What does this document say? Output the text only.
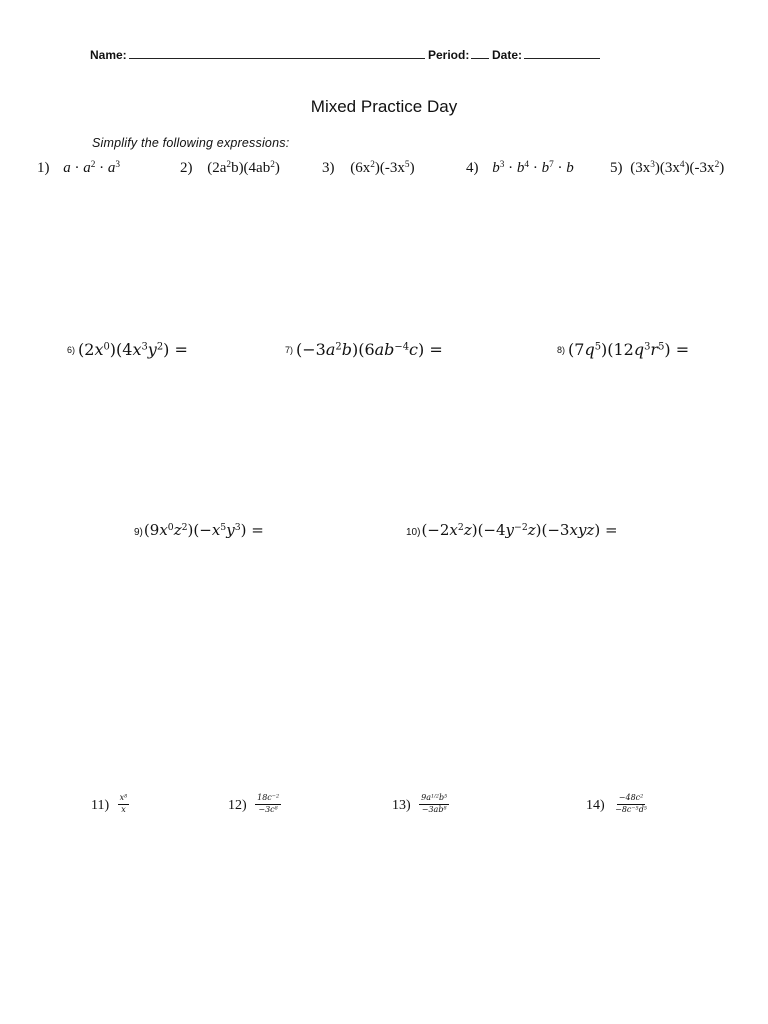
Name:	Period:	Date:
Mixed Practice Day
Simplify the following expressions:
1) $a \cdot a^2 \cdot a^3$	2) $(2a^2b)(4ab^2)$	3) $(6x^2)(-3x^5)$	4) $b^3 \cdot b^4 \cdot b^7 \cdot b$ 5) $(3x^3)(3x^4)(-3x^2)$
6) $(2x^0)(4x^3y^2)$ =	7) $(-3a^2b)(6ab^{-4}c)$ =	8) $(7q^5)(12q^3r^5)$ =
$9)(9x^0z^2)(-x^5y^3)$ =	$10)(-2x^2z)(-4y^{-2}z)(-3xyz)$ =
$11) \frac{x^8}{x}$	$12) \frac{18c^{-2}}{-3c^8}$	$13) \frac{9a^{1/2}b^5}{-3ab^8}$	$14) \frac{-48c^2}{-8c^{-5}d^5}$
